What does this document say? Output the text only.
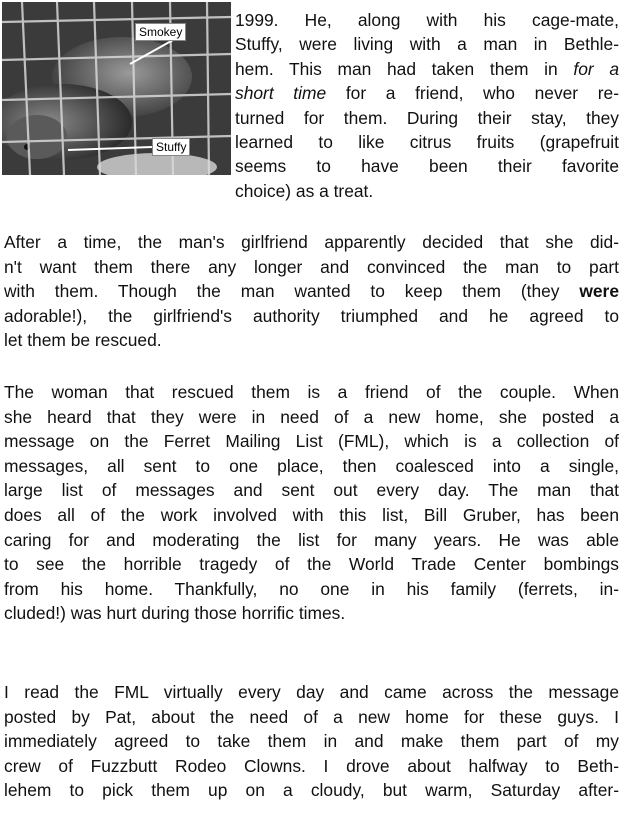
Smokey
Stuffy
1999. He, along with his cage-mate,
Stuffy, were living with a man in Bethle-
hem. This man had taken them in for a
short time for a friend, who never re-
turned for them. During their stay, they
learned to like citrus fruits (grapefruit
seems to have been their favorite
choice) as a treat.
After a time, the man's girlfriend apparently decided that she did-
n't want them there any longer and convinced the man to part
with them. Though the man wanted to keep them (they were
adorable!), the girlfriend's authority triumphed and he agreed to
let them be rescued.
The woman that rescued them is a friend of the couple. When
she heard that they were in need of a new home, she posted a
message on the Ferret Mailing List (FML), which is a collection of
messages, all sent to one place, then coalesced into a single,
large list of messages and sent out every day. The man that
does all of the work involved with this list, Bill Gruber, has been
caring for and moderating the list for many years. He was able
to see the horrible tragedy of the World Trade Center bombings
from his home. Thankfully, no one in his family (ferrets, in-
cluded!) was hurt during those horrific times.
I read the FML virtually every day and came across the message
posted by Pat, about the need of a new home for these guys. I
immediately agreed to take them in and make them part of my
crew of Fuzzbutt Rodeo Clowns. I drove about halfway to Beth-
lehem to pick them up on a cloudy, but warm, Saturday after-
